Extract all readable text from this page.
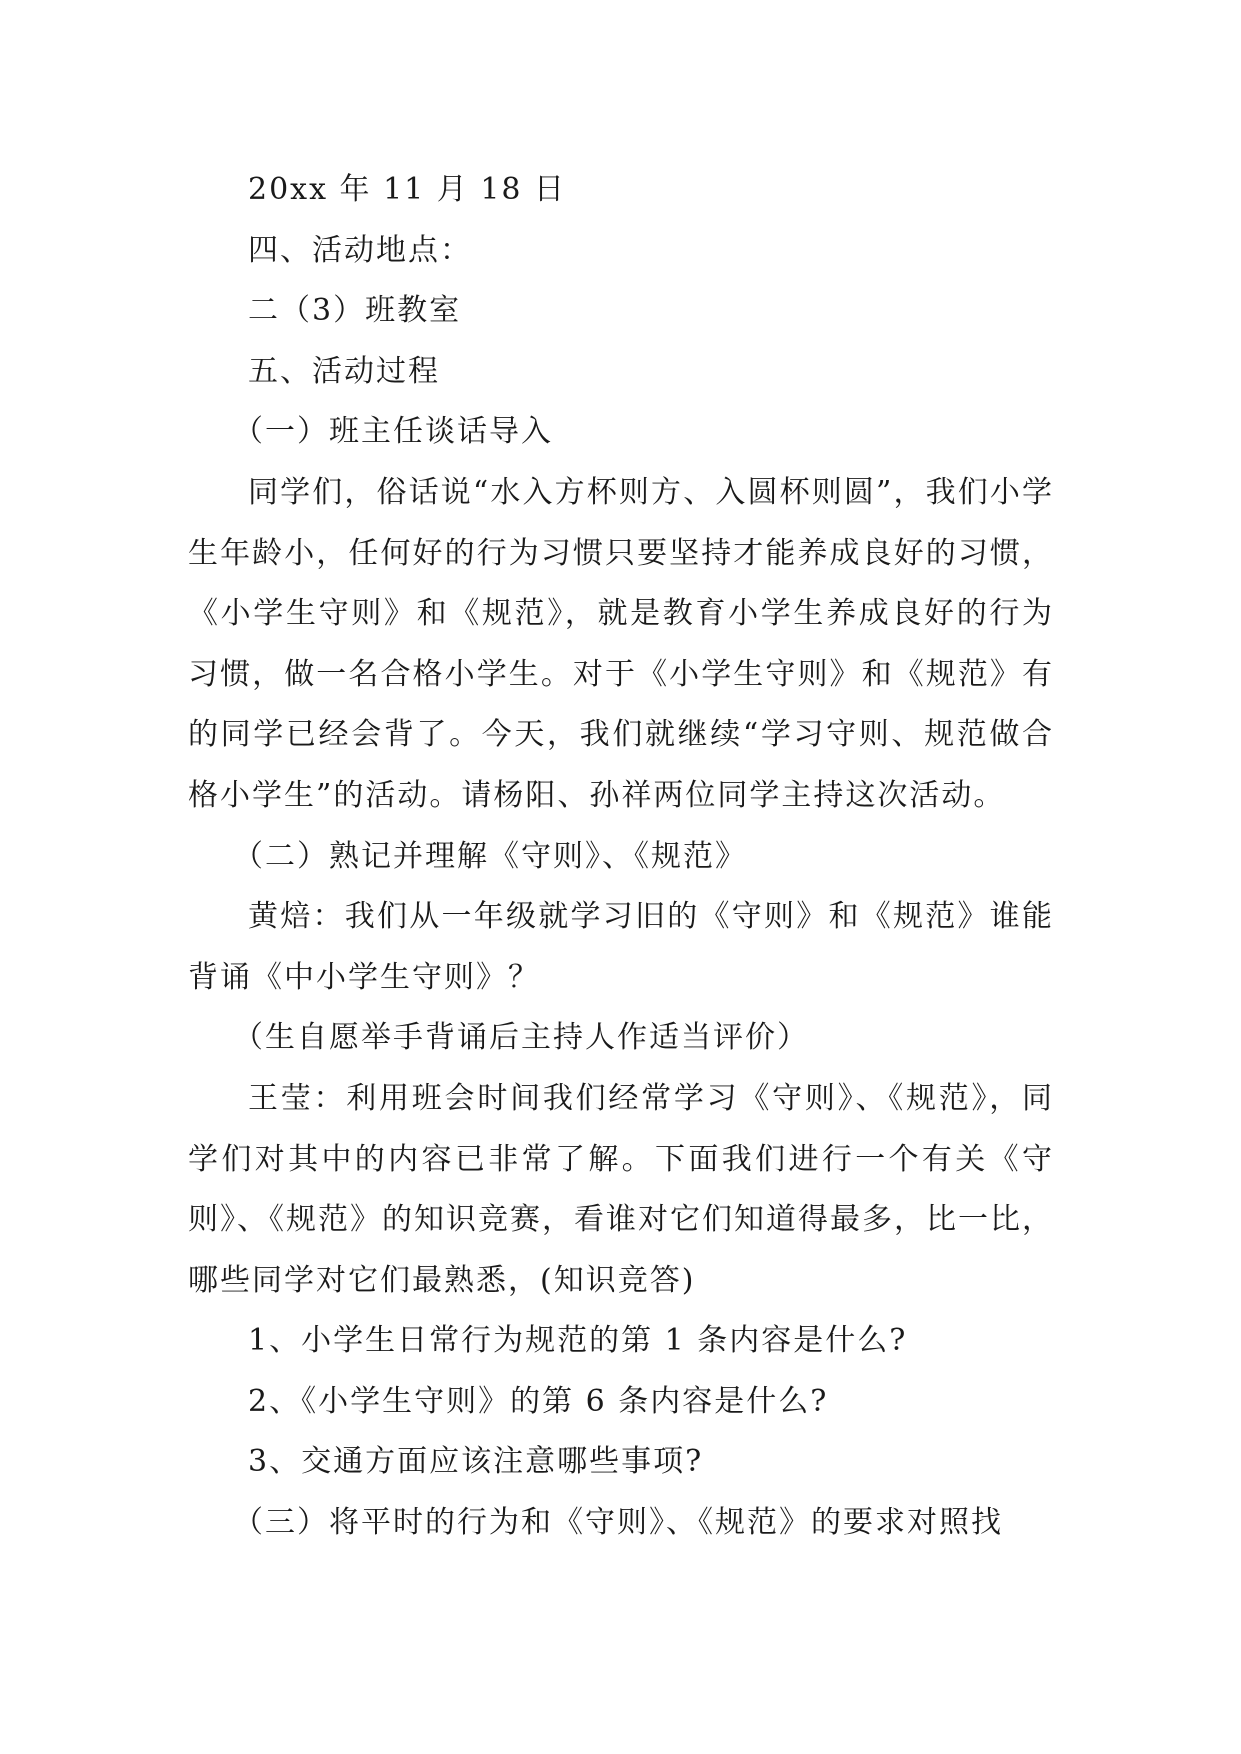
20xx 年 11 月 18 日

四、活动地点：

二（3）班教室

五、活动过程

（一）班主任谈话导入

同学们，俗话说“水入方杯则方、入圆杯则圆”，我们小学生年龄小，任何好的行为习惯只要坚持才能养成良好的习惯，《小学生守则》和《规范》，就是教育小学生养成良好的行为习惯，做一名合格小学生。对于《小学生守则》和《规范》有的同学已经会背了。今天，我们就继续“学习守则、规范做合格小学生”的活动。请杨阳、孙祥两位同学主持这次活动。

（二）熟记并理解《守则》、《规范》

黄焙：我们从一年级就学习旧的《守则》和《规范》谁能背诵《中小学生守则》？

（生自愿举手背诵后主持人作适当评价）

王莹：利用班会时间我们经常学习《守则》、《规范》，同学们对其中的内容已非常了解。下面我们进行一个有关《守则》、《规范》的知识竞赛，看谁对它们知道得最多，比一比，哪些同学对它们最熟悉，(知识竞答)

1、小学生日常行为规范的第 1 条内容是什么?

2、《小学生守则》的第 6 条内容是什么?

3、交通方面应该注意哪些事项?

（三）将平时的行为和《守则》、《规范》的要求对照找
